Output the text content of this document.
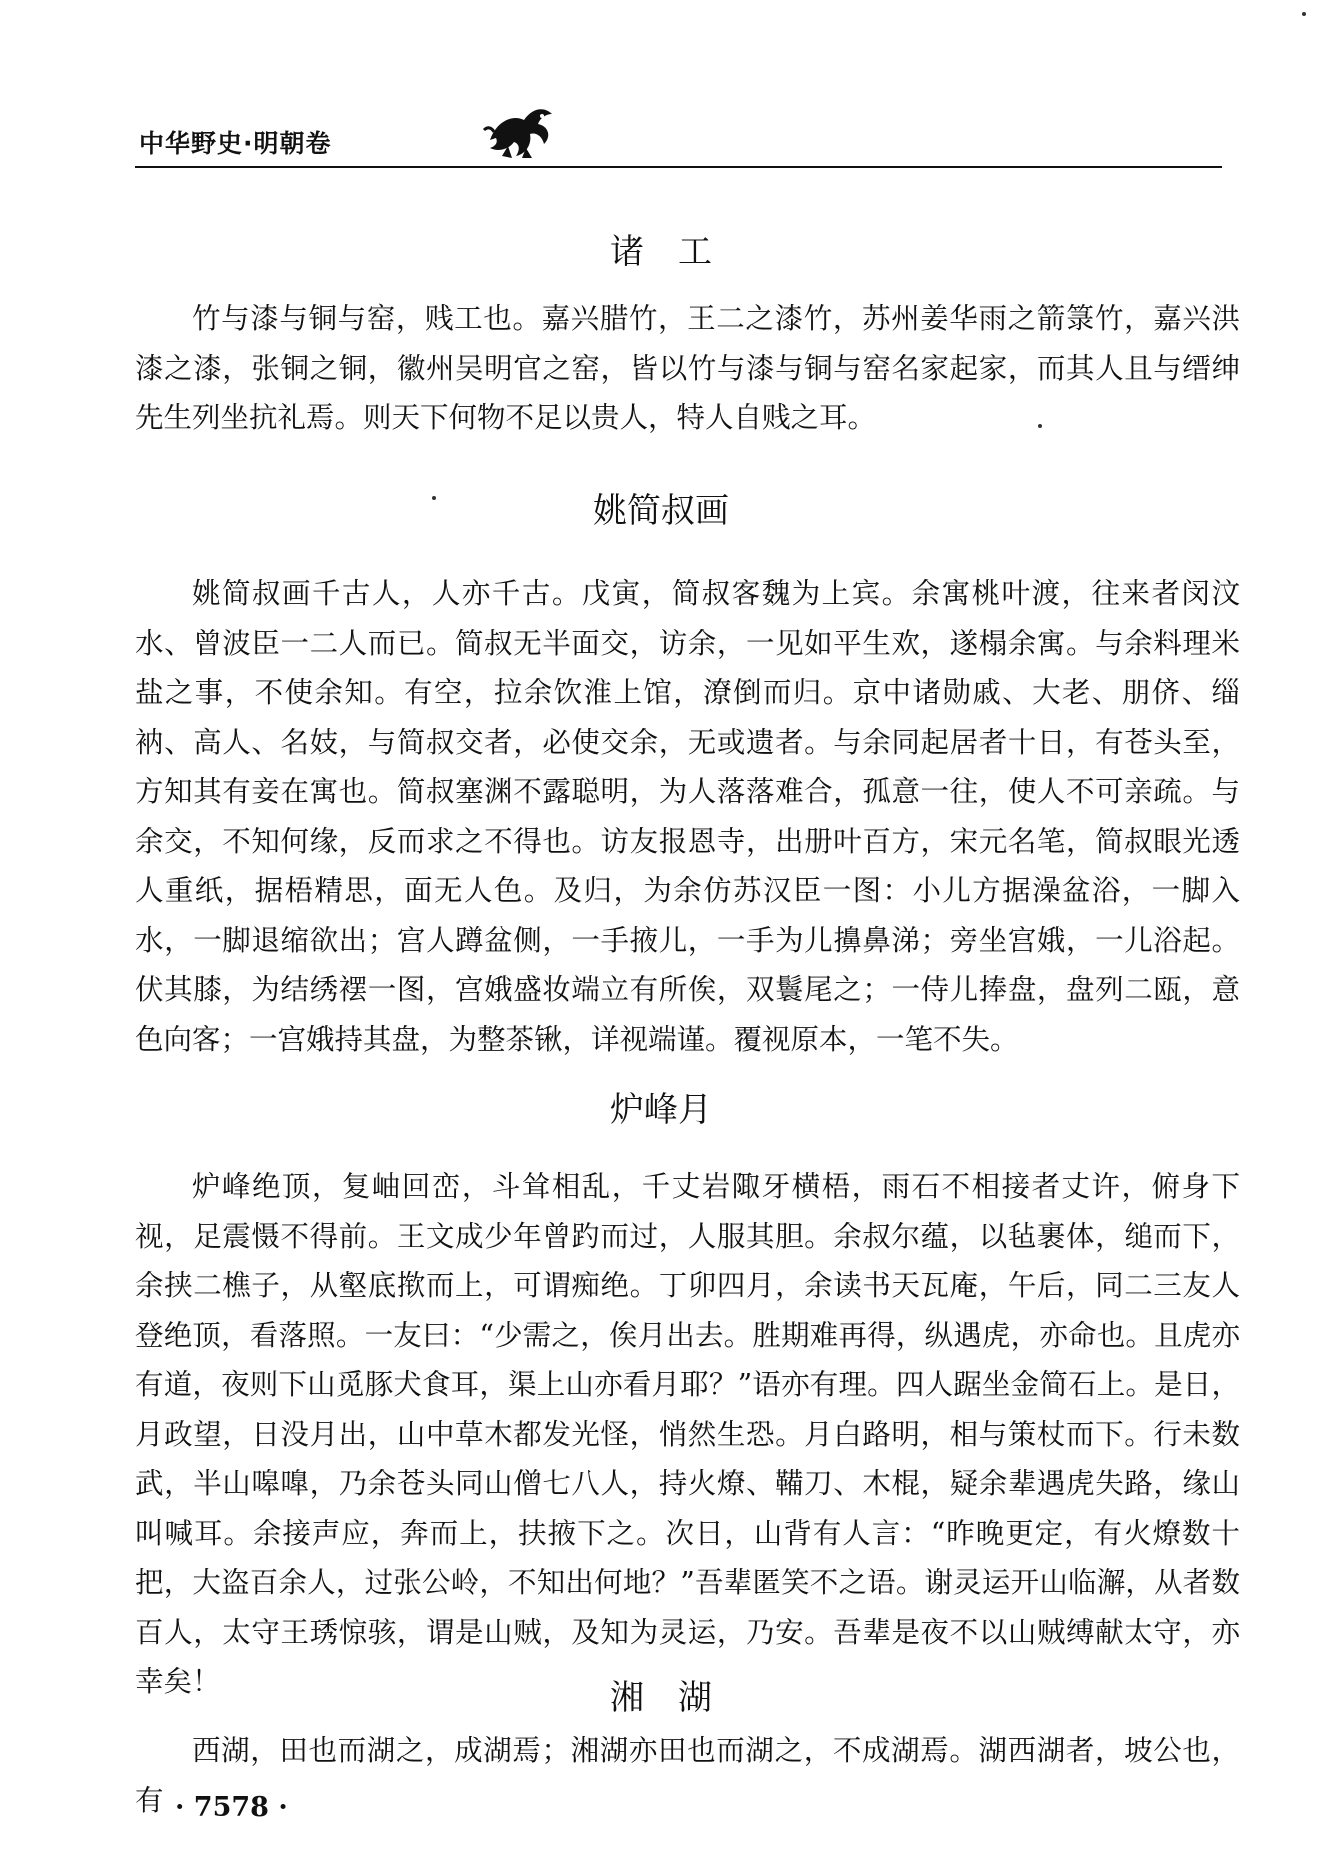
中华野史·明朝卷
诸　工

竹与漆与铜与窑，贱工也。嘉兴腊竹，王二之漆竹，苏州姜华雨之箭箓竹，嘉兴洪漆之漆，张铜之铜，徽州吴明官之窑，皆以竹与漆与铜与窑名家起家，而其人且与缙绅先生列坐抗礼焉。则天下何物不足以贵人，特人自贱之耳。

姚简叔画

姚简叔画千古人，人亦千古。戊寅，简叔客魏为上宾。余寓桃叶渡，往来者闵汶水、曾波臣一二人而已。简叔无半面交，访余，一见如平生欢，遂榻余寓。与余料理米盐之事，不使余知。有空，拉余饮淮上馆，潦倒而归。京中诸勋戚、大老、朋侪、缁衲、高人、名妓，与简叔交者，必使交余，无或遗者。与余同起居者十日，有苍头至，方知其有妾在寓也。简叔塞渊不露聪明，为人落落难合，孤意一往，使人不可亲疏。与余交，不知何缘，反而求之不得也。访友报恩寺，出册叶百方，宋元名笔，简叔眼光透人重纸，据梧精思，面无人色。及归，为余仿苏汉臣一图：小儿方据澡盆浴，一脚入水，一脚退缩欲出；宫人蹲盆侧，一手掖儿，一手为儿擤鼻涕；旁坐宫娥，一儿浴起。伏其膝，为结绣䙓一图，宫娥盛妆端立有所俟，双鬟尾之；一侍儿捧盘，盘列二瓯，意色向客；一宫娥持其盘，为整茶锹，详视端谨。覆视原本，一笔不失。

炉峰月

炉峰绝顶，复岫回峦，斗耸相乱，千丈岩陬牙横梧，雨石不相接者丈许，俯身下视，足震慑不得前。王文成少年曾趵而过，人服其胆。余叔尔蕴，以毡裹体，缒而下，余挟二樵子，从壑底揿而上，可谓痴绝。丁卯四月，余读书天瓦庵，午后，同二三友人登绝顶，看落照。一友曰：“少需之，俟月出去。胜期难再得，纵遇虎，亦命也。且虎亦有道，夜则下山觅豚犬食耳，渠上山亦看月耶？”语亦有理。四人踞坐金简石上。是日，月政望，日没月出，山中草木都发光怪，悄然生恐。月白路明，相与策杖而下。行未数武，半山嗥嘷，乃余苍头同山僧七八人，持火燎、鞴刀、木棍，疑余辈遇虎失路，缘山叫喊耳。余接声应，奔而上，扶掖下之。次日，山背有人言：“昨晚更定，有火燎数十把，大盗百余人，过张公岭，不知出何地？”吾辈匿笑不之语。谢灵运开山临澥，从者数百人，太守王琇惊骇，谓是山贼，及知为灵运，乃安。吾辈是夜不以山贼缚献太守，亦幸矣！	湘　湖

西湖，田也而湖之，成湖焉；湘湖亦田也而湖之，不成湖焉。湖西湖者，坡公也，有 · 7578 ·
